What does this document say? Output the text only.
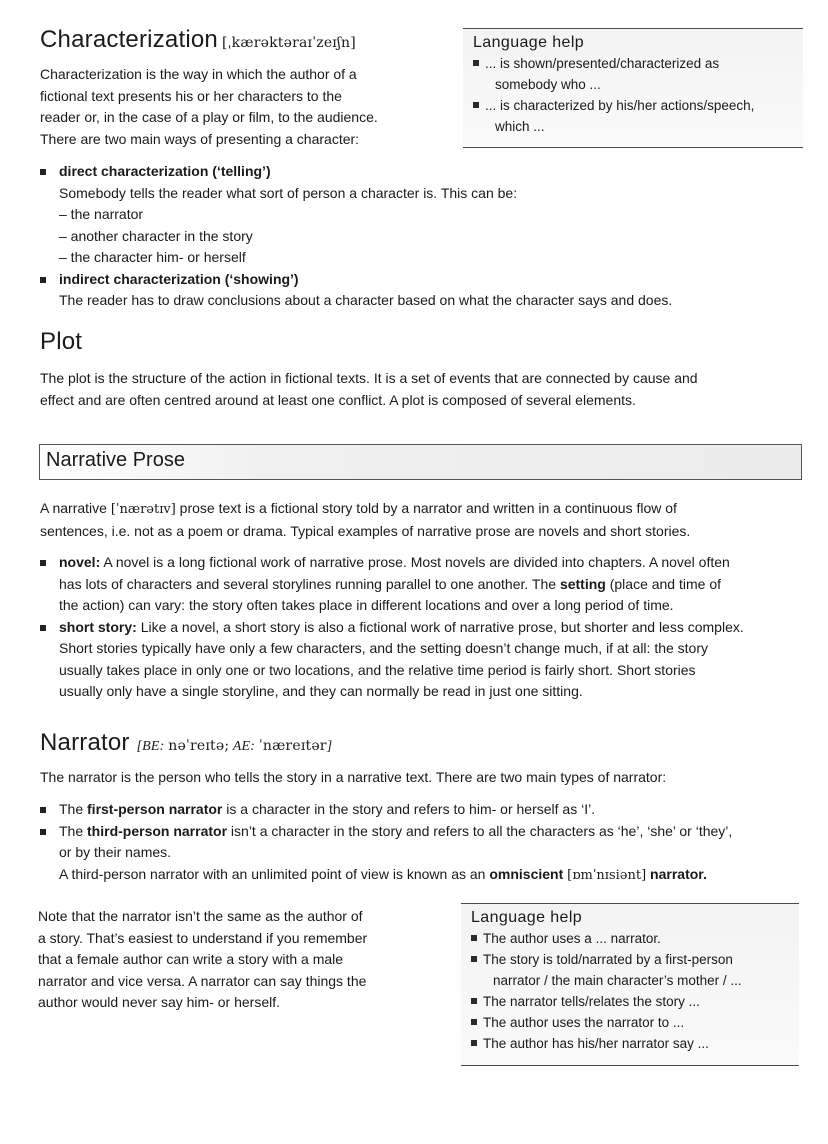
Characterization [ˌkærəktəraɪˈzeɪʃn]
Characterization is the way in which the author of a
fictional text presents his or her characters to the
reader or, in the case of a play or film, to the audience.
There are two main ways of presenting a character:
Language help
... is shown/presented/characterized as
somebody who ...
... is characterized by his/her actions/speech,
which ...
direct characterization (‘telling’)
Somebody tells the reader what sort of person a character is. This can be:
– the narrator
– another character in the story
– the character him- or herself
indirect characterization (‘showing’)
The reader has to draw conclusions about a character based on what the character says and does.
Plot
The plot is the structure of the action in fictional texts. It is a set of events that are connected by cause and
effect and are often centred around at least one conflict. A plot is composed of several elements.
Narrative Prose
A narrative [ˈnærətɪv] prose text is a fictional story told by a narrator and written in a continuous flow of
sentences, i.e. not as a poem or drama. Typical examples of narrative prose are novels and short stories.
novel: A novel is a long fictional work of narrative prose. Most novels are divided into chapters. A novel often
has lots of characters and several storylines running parallel to one another. The setting (place and time of
the action) can vary: the story often takes place in different locations and over a long period of time.
short story: Like a novel, a short story is also a fictional work of narrative prose, but shorter and less complex.
Short stories typically have only a few characters, and the setting doesn’t change much, if at all: the story
usually takes place in only one or two locations, and the relative time period is fairly short. Short stories
usually only have a single storyline, and they can normally be read in just one sitting.
Narrator [BE: nəˈreɪtə; AE: ˈnæreɪtər]
The narrator is the person who tells the story in a narrative text. There are two main types of narrator:
The first-person narrator is a character in the story and refers to him- or herself as ‘I’.
The third-person narrator isn’t a character in the story and refers to all the characters as ‘he’, ‘she’ or ‘they’,
or by their names.
A third-person narrator with an unlimited point of view is known as an omniscient [ɒmˈnɪsiənt] narrator.
Note that the narrator isn’t the same as the author of
a story. That’s easiest to understand if you remember
that a female author can write a story with a male
narrator and vice versa. A narrator can say things the
author would never say him- or herself.
Language help
The author uses a ... narrator.
The story is told/narrated by a first-person
narrator / the main character’s mother / ...
The narrator tells/relates the story ...
The author uses the narrator to ...
The author has his/her narrator say ...
